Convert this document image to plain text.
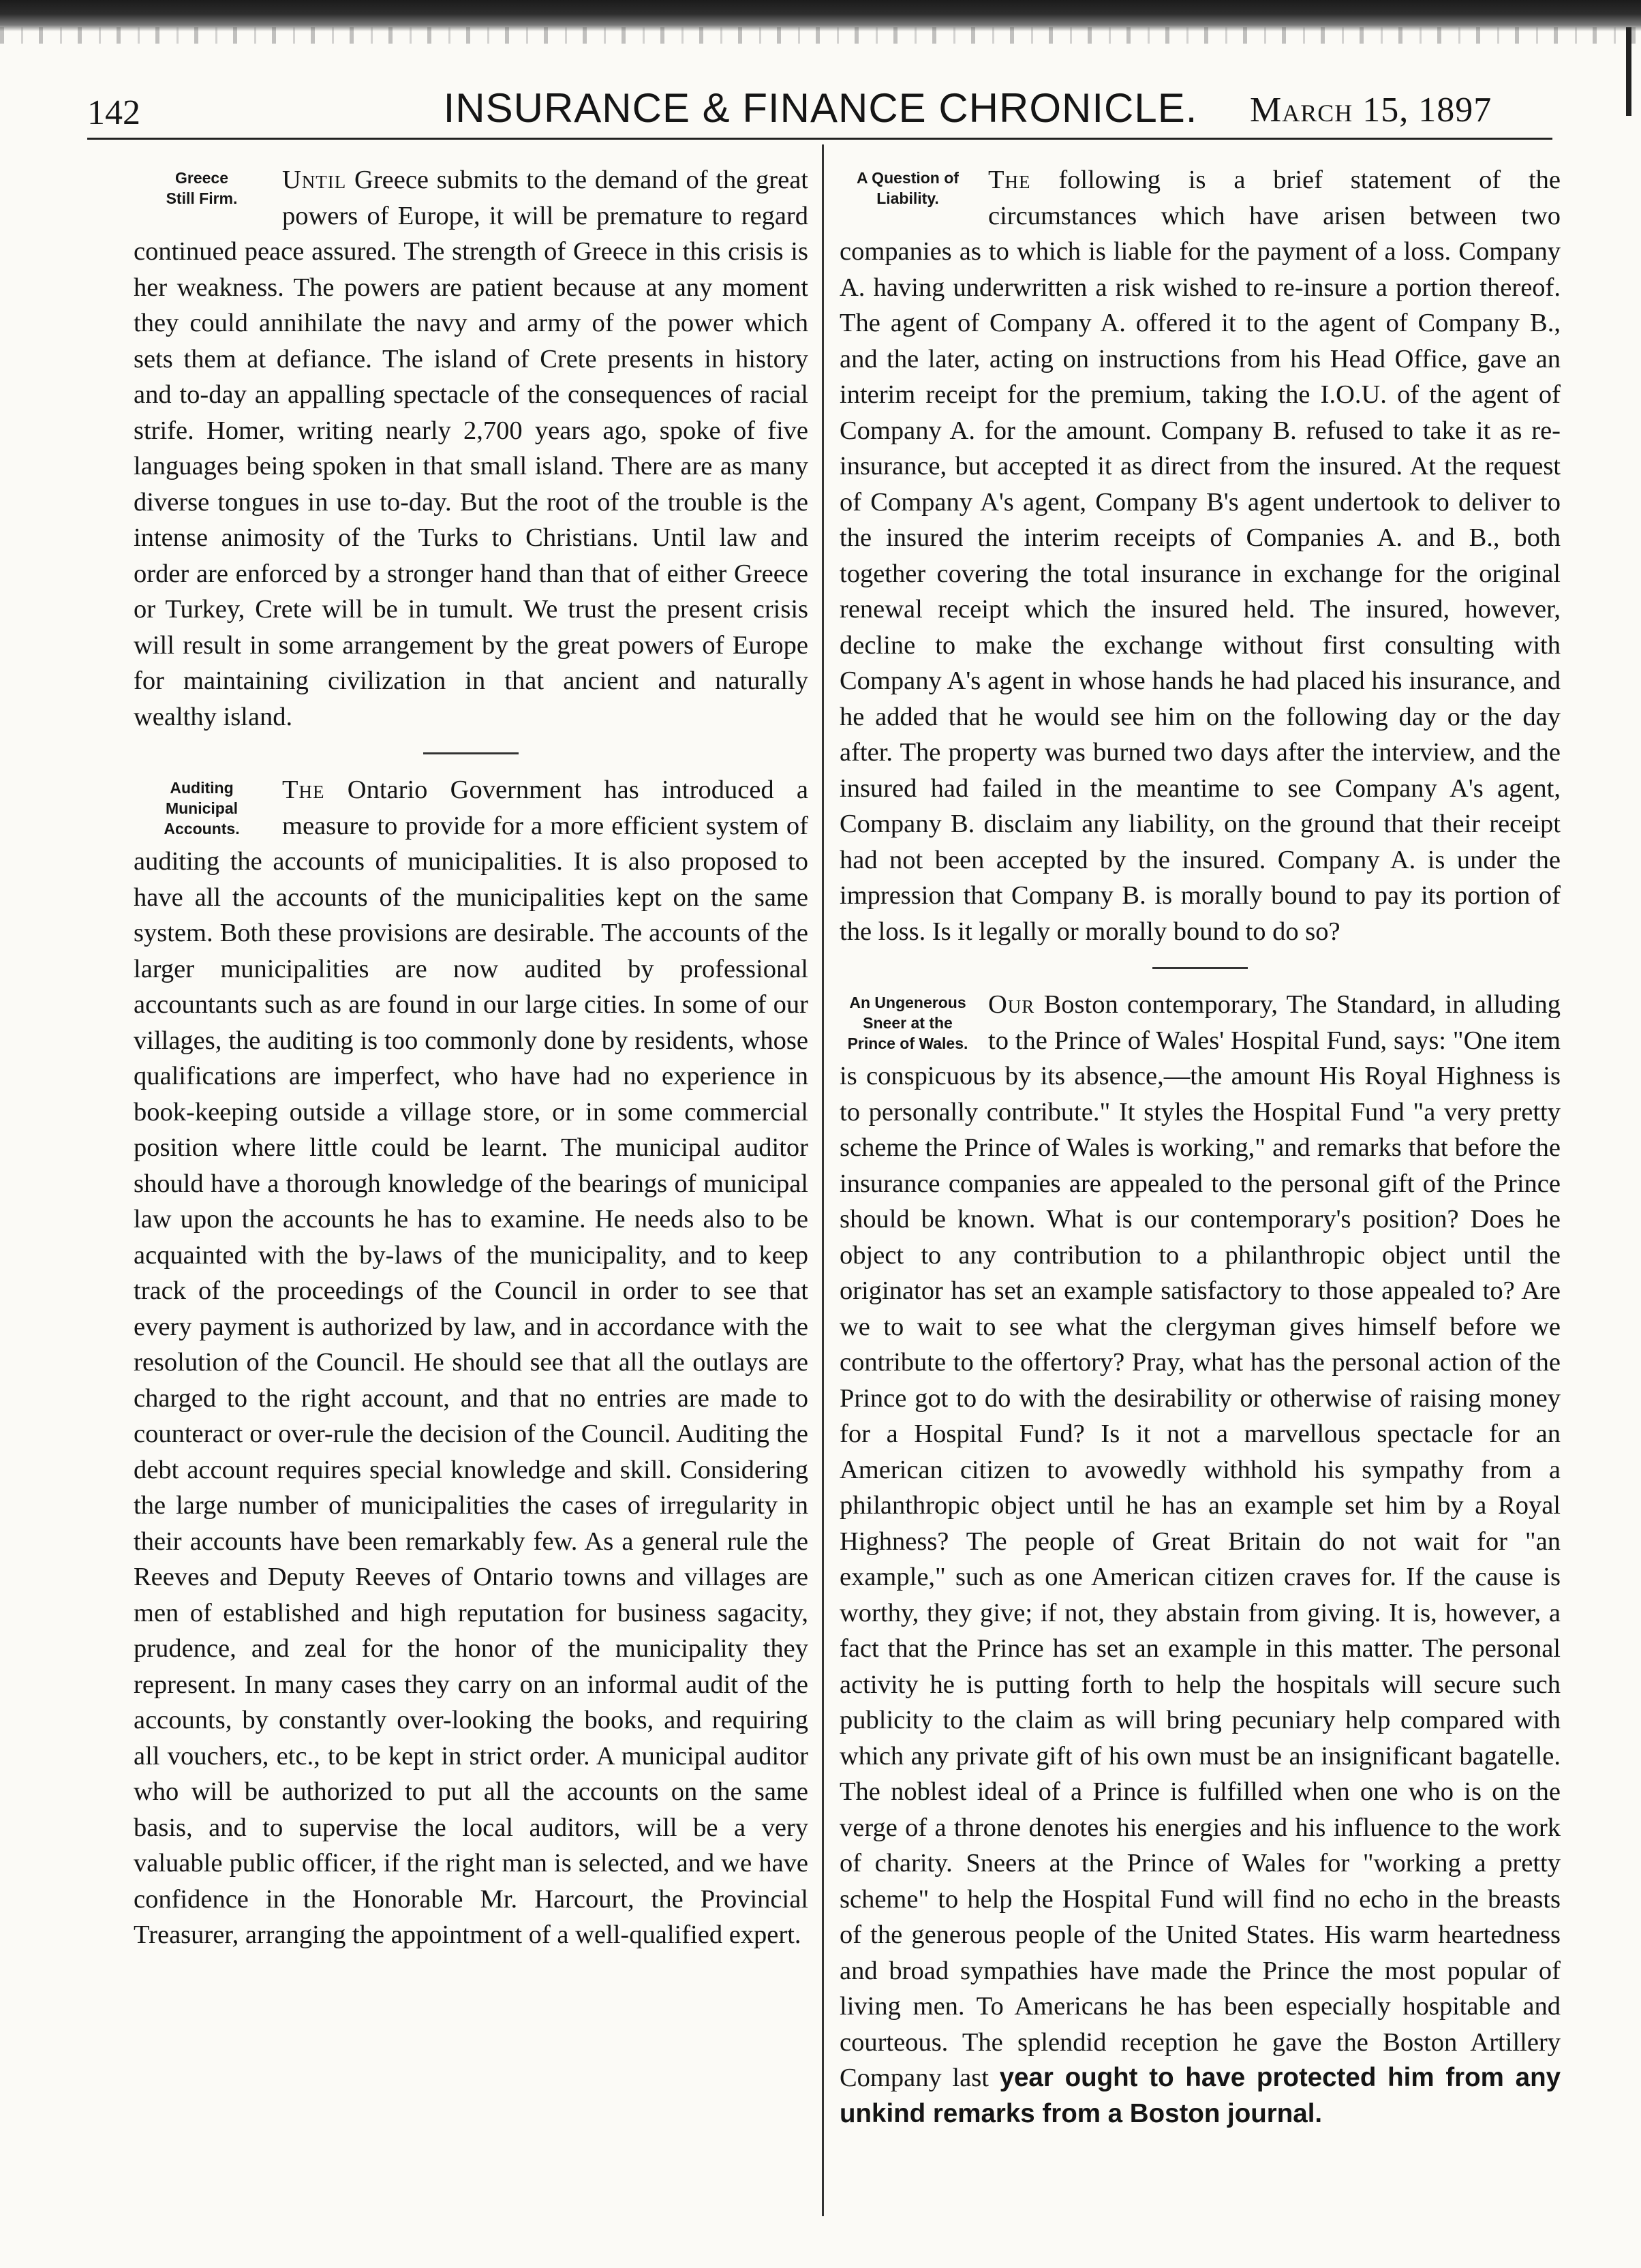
142	INSURANCE & FINANCE CHRONICLE.	March 15, 1897
Greece
Still Firm.

Until Greece submits to the demand of the great powers of Europe, it will be premature to regard continued peace assured. The strength of Greece in this crisis is her weakness. The powers are patient because at any moment they could annihilate the navy and army of the power which sets them at defiance. The island of Crete presents in history and to-day an appalling spectacle of the consequences of racial strife. Homer, writing nearly 2,700 years ago, spoke of five languages being spoken in that small island. There are as many diverse tongues in use to-day. But the root of the trouble is the intense animosity of the Turks to Christians. Until law and order are enforced by a stronger hand than that of either Greece or Turkey, Crete will be in tumult. We trust the present crisis will result in some arrangement by the great powers of Europe for maintaining civilization in that ancient and naturally wealthy island.

Auditing
Municipal
Accounts.

The Ontario Government has introduced a measure to provide for a more efficient system of auditing the accounts of municipalities. It is also proposed to have all the accounts of the municipalities kept on the same system. Both these provisions are desirable. The accounts of the larger municipalities are now audited by professional accountants such as are found in our large cities. In some of our villages, the auditing is too commonly done by residents, whose qualifications are imperfect, who have had no experience in book-keeping outside a village store, or in some commercial position where little could be learnt. The municipal auditor should have a thorough knowledge of the bearings of municipal law upon the accounts he has to examine. He needs also to be acquainted with the by-laws of the municipality, and to keep track of the proceedings of the Council in order to see that every payment is authorized by law, and in accordance with the resolution of the Council. He should see that all the outlays are charged to the right account, and that no entries are made to counteract or over-rule the decision of the Council. Auditing the debt account requires special knowledge and skill. Considering the large number of municipalities the cases of irregularity in their accounts have been remarkably few. As a general rule the Reeves and Deputy Reeves of Ontario towns and villages are men of established and high reputation for business sagacity, prudence, and zeal for the honor of the municipality they represent. In many cases they carry on an informal audit of the accounts, by constantly over-looking the books, and requiring all vouchers, etc., to be kept in strict order. A municipal auditor who will be authorized to put all the accounts on the same basis, and to supervise the local auditors, will be a very valuable public officer, if the right man is selected, and we have confidence in the Honorable Mr. Harcourt, the Provincial Treasurer, arranging the appointment of a well-qualified expert.

A Question of
Liability.

The following is a brief statement of the circumstances which have arisen between two companies as to which is liable for the payment of a loss. Company A. having underwritten a risk wished to re-insure a portion thereof. The agent of Company A. offered it to the agent of Company B., and the later, acting on instructions from his Head Office, gave an interim receipt for the premium, taking the I.O.U. of the agent of Company A. for the amount. Company B. refused to take it as re-insurance, but accepted it as direct from the insured. At the request of Company A's agent, Company B's agent undertook to deliver to the insured the interim receipts of Companies A. and B., both together covering the total insurance in exchange for the original renewal receipt which the insured held. The insured, however, decline to make the exchange without first consulting with Company A's agent in whose hands he had placed his insurance, and he added that he would see him on the following day or the day after. The property was burned two days after the interview, and the insured had failed in the meantime to see Company A's agent, Company B. disclaim any liability, on the ground that their receipt had not been accepted by the insured. Company A. is under the impression that Company B. is morally bound to pay its portion of the loss. Is it legally or morally bound to do so?

An Ungenerous
Sneer at the
Prince of Wales.

Our Boston contemporary, The Standard, in alluding to the Prince of Wales' Hospital Fund, says: "One item is conspicuous by its absence,—the amount His Royal Highness is to personally contribute." It styles the Hospital Fund "a very pretty scheme the Prince of Wales is working," and remarks that before the insurance companies are appealed to the personal gift of the Prince should be known. What is our contemporary's position? Does he object to any contribution to a philanthropic object until the originator has set an example satisfactory to those appealed to? Are we to wait to see what the clergyman gives himself before we contribute to the offertory? Pray, what has the personal action of the Prince got to do with the desirability or otherwise of raising money for a Hospital Fund? Is it not a marvellous spectacle for an American citizen to avowedly withhold his sympathy from a philanthropic object until he has an example set him by a Royal Highness? The people of Great Britain do not wait for "an example," such as one American citizen craves for. If the cause is worthy, they give; if not, they abstain from giving. It is, however, a fact that the Prince has set an example in this matter. The personal activity he is putting forth to help the hospitals will secure such publicity to the claim as will bring pecuniary help compared with which any private gift of his own must be an insignificant bagatelle. The noblest ideal of a Prince is fulfilled when one who is on the verge of a throne denotes his energies and his influence to the work of charity. Sneers at the Prince of Wales for "working a pretty scheme" to help the Hospital Fund will find no echo in the breasts of the generous people of the United States. His warm heartedness and broad sympathies have made the Prince the most popular of living men. To Americans he has been especially hospitable and courteous. The splendid reception he gave the Boston Artillery Company last year ought to have protected him from any unkind remarks from a Boston journal.
